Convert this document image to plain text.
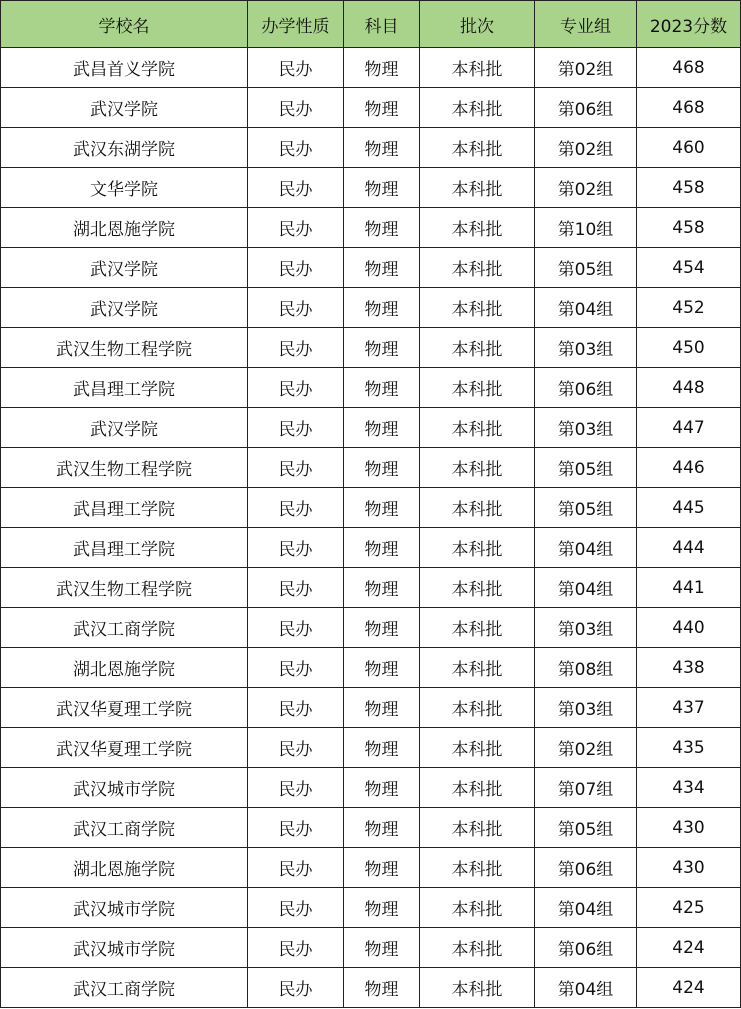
学校名	办学性质	科目	批次	专业组	2023分数
武昌首义学院	民办	物理	本科批	第02组	468
武汉学院	民办	物理	本科批	第06组	468
武汉东湖学院	民办	物理	本科批	第02组	460
文华学院	民办	物理	本科批	第02组	458
湖北恩施学院	民办	物理	本科批	第10组	458
武汉学院	民办	物理	本科批	第05组	454
武汉学院	民办	物理	本科批	第04组	452
武汉生物工程学院	民办	物理	本科批	第03组	450
武昌理工学院	民办	物理	本科批	第06组	448
武汉学院	民办	物理	本科批	第03组	447
武汉生物工程学院	民办	物理	本科批	第05组	446
武昌理工学院	民办	物理	本科批	第05组	445
武昌理工学院	民办	物理	本科批	第04组	444
武汉生物工程学院	民办	物理	本科批	第04组	441
武汉工商学院	民办	物理	本科批	第03组	440
湖北恩施学院	民办	物理	本科批	第08组	438
武汉华夏理工学院	民办	物理	本科批	第03组	437
武汉华夏理工学院	民办	物理	本科批	第02组	435
武汉城市学院	民办	物理	本科批	第07组	434
武汉工商学院	民办	物理	本科批	第05组	430
湖北恩施学院	民办	物理	本科批	第06组	430
武汉城市学院	民办	物理	本科批	第04组	425
武汉城市学院	民办	物理	本科批	第06组	424
武汉工商学院	民办	物理	本科批	第04组	424
